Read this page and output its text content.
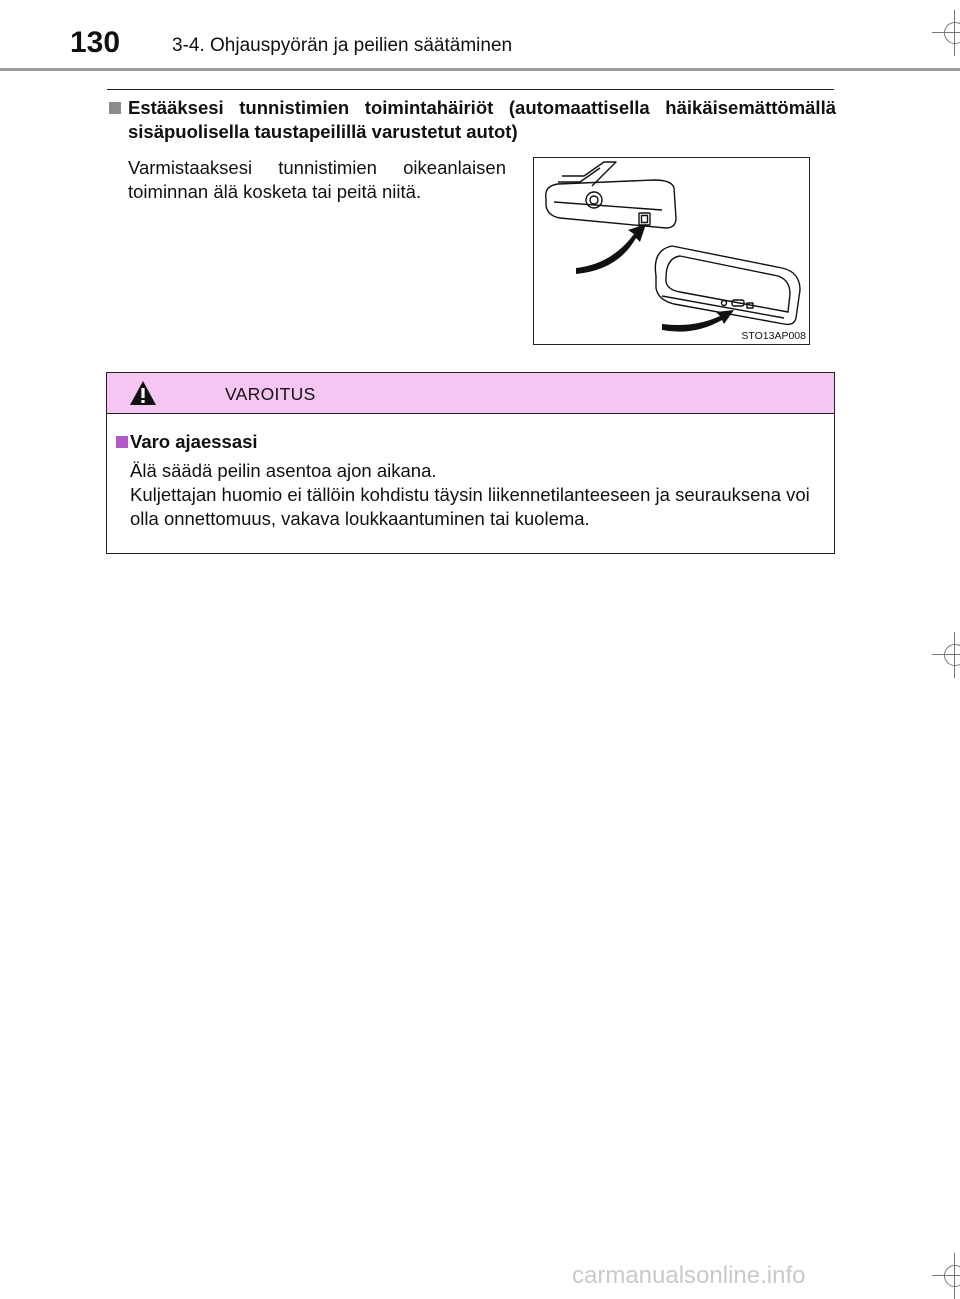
130	3-4. Ohjauspyörän ja peilien säätäminen
Estääksesi tunnistimien toimintahäiriöt (automaattisella häikäisemättömällä sisäpuolisella taustapeilillä varustetut autot)
Varmistaaksesi tunnistimien oikeanlaisen toiminnan älä kosketa tai peitä niitä.
STO13AP008
VAROITUS
Varo ajaessasi

Älä säädä peilin asentoa ajon aikana.

Kuljettajan huomio ei tällöin kohdistu täysin liikennetilanteeseen ja seurauksena voi olla onnettomuus, vakava loukkaantuminen tai kuolema.

carmanualsonline.info
